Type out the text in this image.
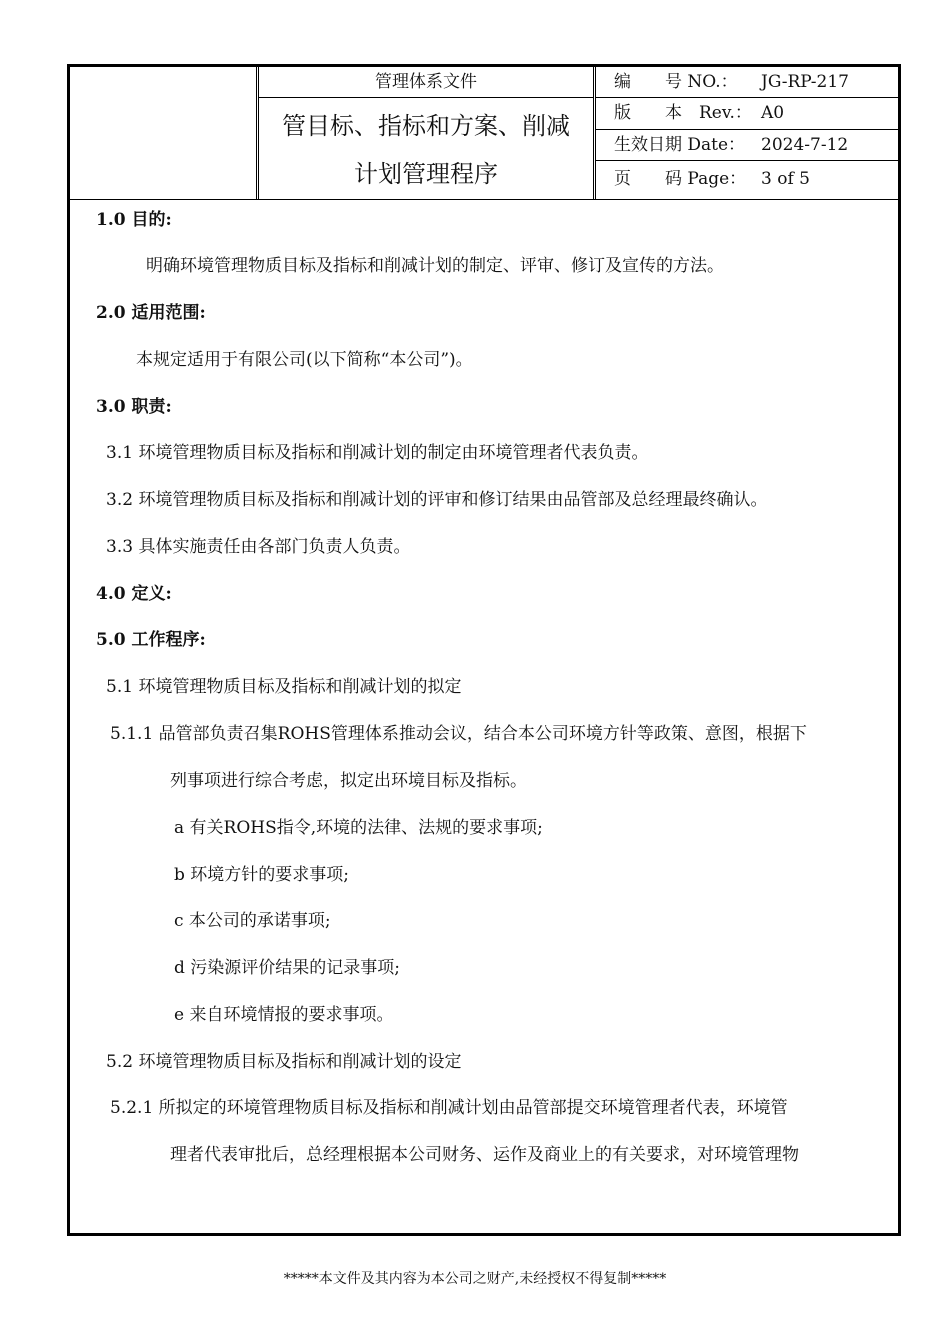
管理体系文件
管目标、指标和方案、削减
计划管理程序
编　　号 NO.： JG-RP-217
版　　本　Rev.： A0
生效日期 Date： 2024-7-12
页　　码 Page： 3 of 5
1.0 目的:
明确环境管理物质目标及指标和削减计划的制定、评审、修订及宣传的方法。
2.0 适用范围:
本规定适用于有限公司(以下简称“本公司”)。
3.0 职责:
3.1 环境管理物质目标及指标和削减计划的制定由环境管理者代表负责。
3.2 环境管理物质目标及指标和削减计划的评审和修订结果由品管部及总经理最终确认。
3.3 具体实施责任由各部门负责人负责。
4.0 定义:
5.0 工作程序:
5.1 环境管理物质目标及指标和削减计划的拟定
5.1.1 品管部负责召集ROHS管理体系推动会议，结合本公司环境方针等政策、意图，根据下
列事项进行综合考虑，拟定出环境目标及指标。
a 有关ROHS指令,环境的法律、法规的要求事项;
b 环境方针的要求事项;
c 本公司的承诺事项;
d 污染源评价结果的记录事项;
e 来自环境情报的要求事项。
5.2 环境管理物质目标及指标和削减计划的设定
5.2.1 所拟定的环境管理物质目标及指标和削减计划由品管部提交环境管理者代表，环境管
理者代表审批后，总经理根据本公司财务、运作及商业上的有关要求，对环境管理物
*****本文件及其内容为本公司之财产,未经授权不得复制*****
